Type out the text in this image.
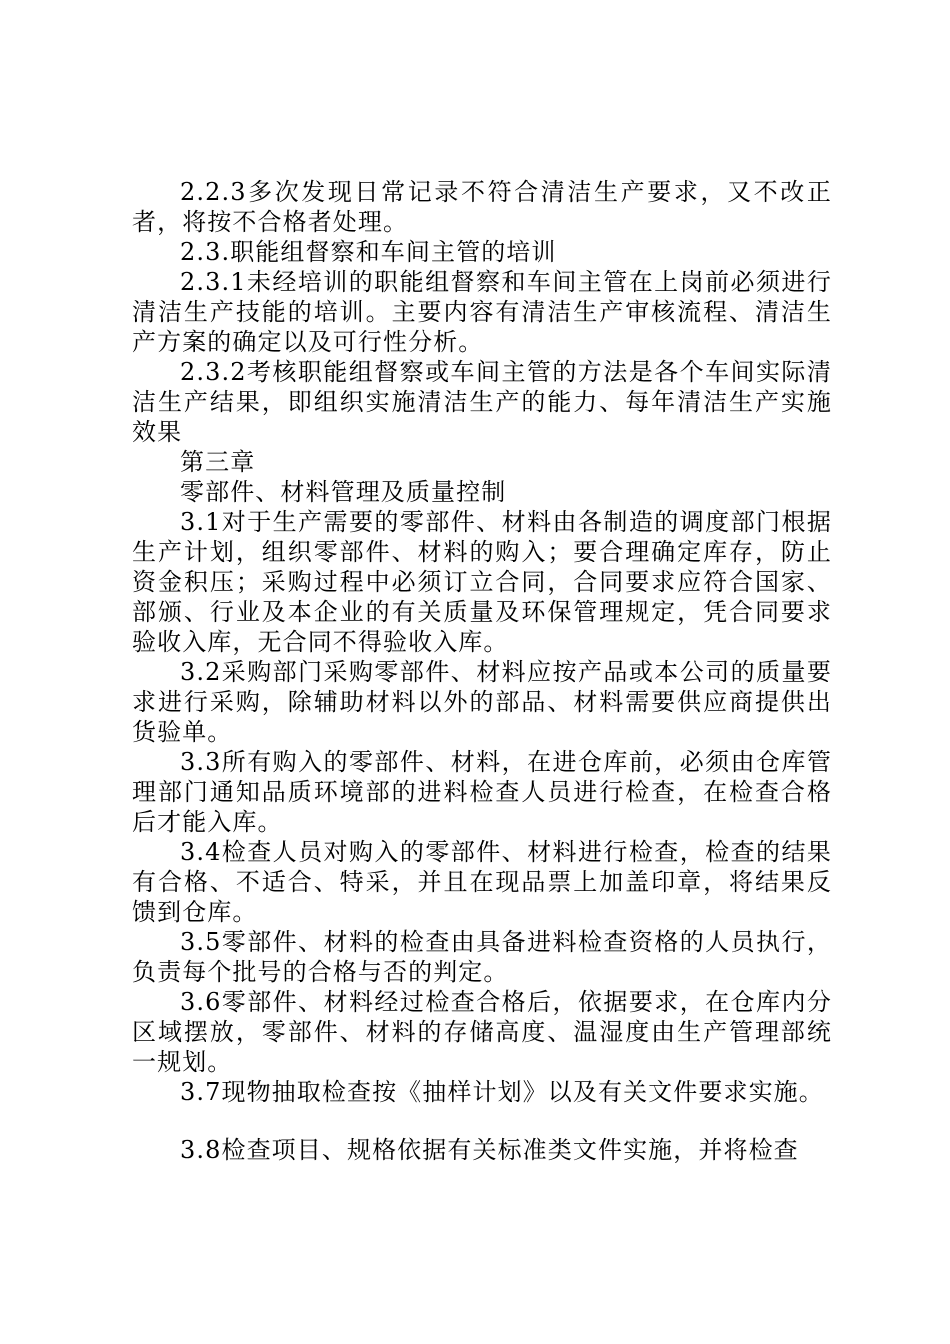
2.2.3多次发现日常记录不符合清洁生产要求，又不改正者，将按不合格者处理。

2.3.职能组督察和车间主管的培训

2.3.1未经培训的职能组督察和车间主管在上岗前必须进行清洁生产技能的培训。主要内容有清洁生产审核流程、清洁生产方案的确定以及可行性分析。

2.3.2考核职能组督察或车间主管的方法是各个车间实际清洁生产结果，即组织实施清洁生产的能力、每年清洁生产实施效果

第三章

零部件、材料管理及质量控制

3.1对于生产需要的零部件、材料由各制造的调度部门根据生产计划，组织零部件、材料的购入；要合理确定库存，防止资金积压；采购过程中必须订立合同，合同要求应符合国家、部颁、行业及本企业的有关质量及环保管理规定，凭合同要求验收入库，无合同不得验收入库。

3.2采购部门采购零部件、材料应按产品或本公司的质量要求进行采购，除辅助材料以外的部品、材料需要供应商提供出货验单。

3.3所有购入的零部件、材料，在进仓库前，必须由仓库管理部门通知品质环境部的进料检查人员进行检查，在检查合格后才能入库。

3.4检查人员对购入的零部件、材料进行检查，检查的结果有合格、不适合、特采，并且在现品票上加盖印章，将结果反馈到仓库。

3.5零部件、材料的检查由具备进料检查资格的人员执行，负责每个批号的合格与否的判定。

3.6零部件、材料经过检查合格后，依据要求，在仓库内分区域摆放，零部件、材料的存储高度、温湿度由生产管理部统一规划。

3.7现物抽取检查按《抽样计划》以及有关文件要求实施。

3.8检查项目、规格依据有关标准类文件实施，并将检查
